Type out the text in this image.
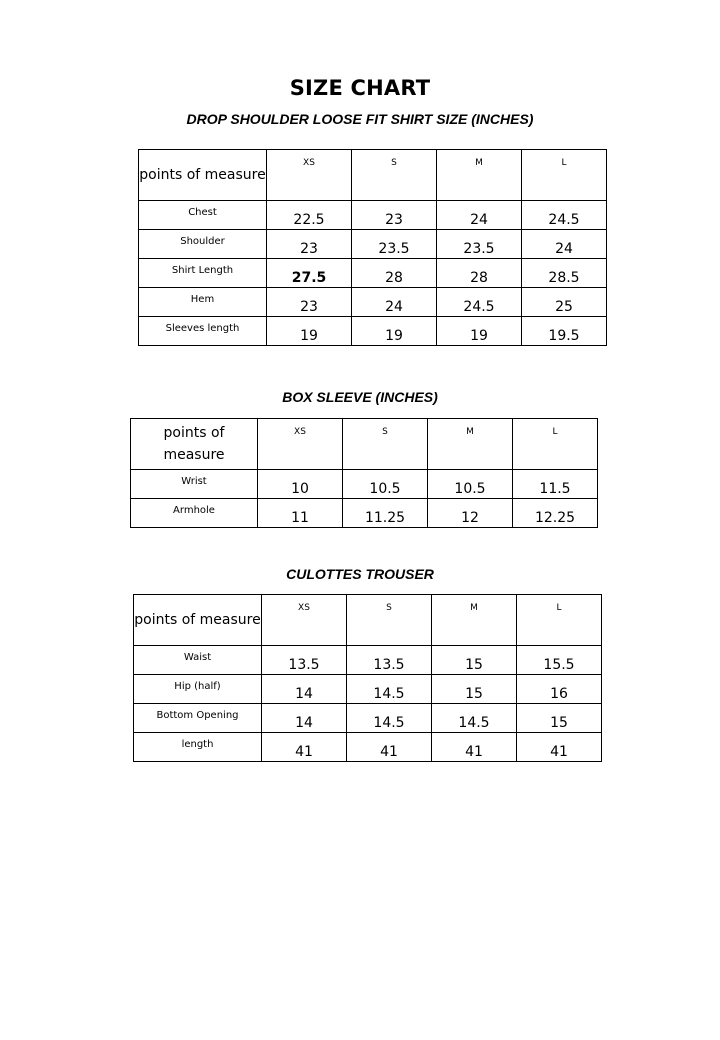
SIZE CHART
DROP SHOULDER LOOSE FIT SHIRT SIZE (INCHES)
points of measure	XS	S	M	L
Chest	22.5	23	24	24.5
Shoulder	23	23.5	23.5	24
Shirt Length	27.5	28	28	28.5
Hem	23	24	24.5	25
Sleeves length	19	19	19	19.5
BOX SLEEVE (INCHES)
points of measure	XS	S	M	L
Wrist	10	10.5	10.5	11.5
Armhole	11	11.25	12	12.25
CULOTTES TROUSER
points of measure	XS	S	M	L
Waist	13.5	13.5	15	15.5
Hip (half)	14	14.5	15	16
Bottom Opening	14	14.5	14.5	15
length	41	41	41	41
